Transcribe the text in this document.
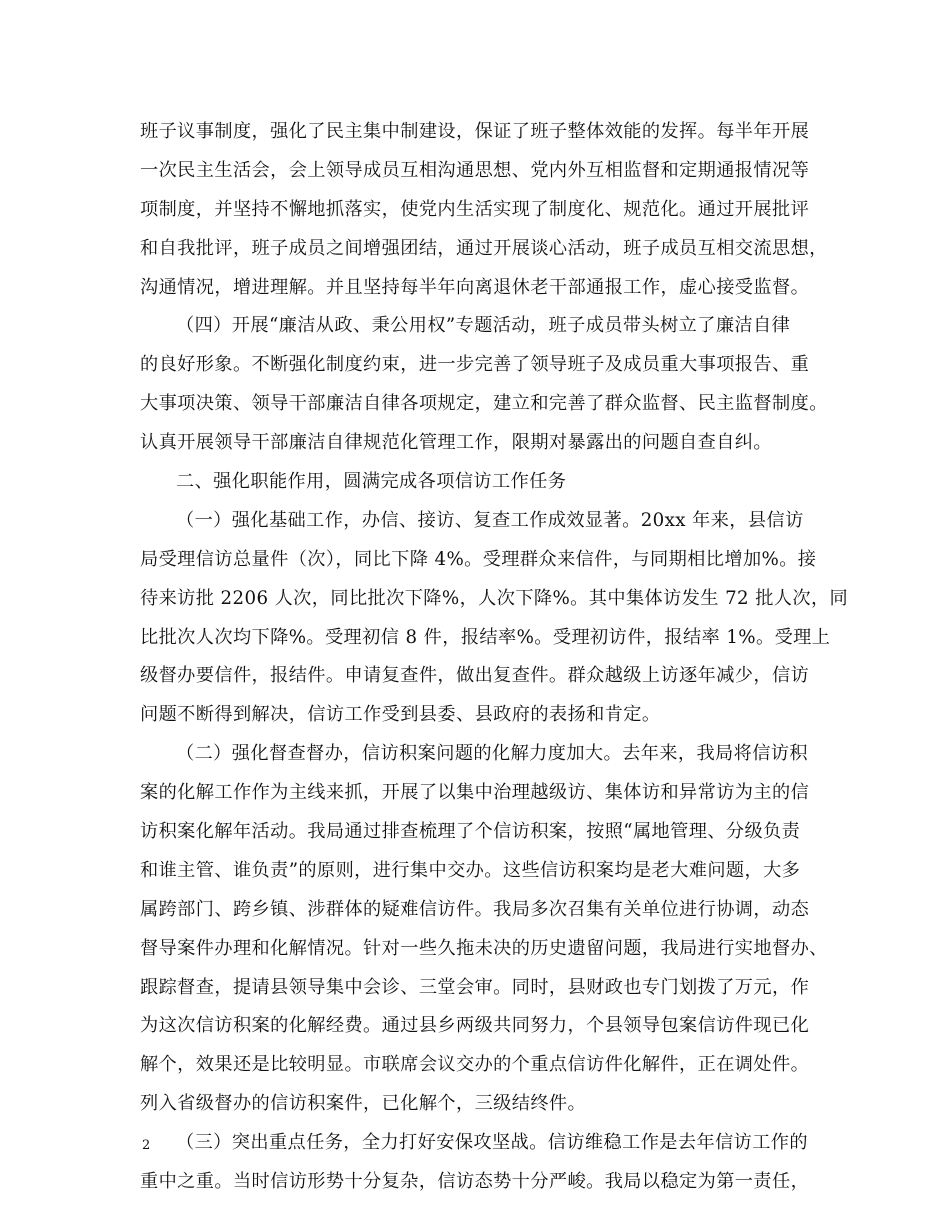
班子议事制度，强化了民主集中制建设，保证了班子整体效能的发挥。每半年开展
一次民主生活会，会上领导成员互相沟通思想、党内外互相监督和定期通报情况等
项制度，并坚持不懈地抓落实，使党内生活实现了制度化、规范化。通过开展批评
和自我批评，班子成员之间增强团结，通过开展谈心活动，班子成员互相交流思想，
沟通情况，增进理解。并且坚持每半年向离退休老干部通报工作，虚心接受监督。
（四）开展“廉洁从政、秉公用权”专题活动，班子成员带头树立了廉洁自律
的良好形象。不断强化制度约束，进一步完善了领导班子及成员重大事项报告、重
大事项决策、领导干部廉洁自律各项规定，建立和完善了群众监督、民主监督制度。
认真开展领导干部廉洁自律规范化管理工作，限期对暴露出的问题自查自纠。
二、强化职能作用，圆满完成各项信访工作任务
（一）强化基础工作，办信、接访、复查工作成效显著。20xx 年来，县信访
局受理信访总量件（次），同比下降 4%。受理群众来信件，与同期相比增加%。接
待来访批 2206 人次，同比批次下降%，人次下降%。其中集体访发生 72 批人次，同
比批次人次均下降%。受理初信 8 件，报结率%。受理初访件，报结率 1%。受理上
级督办要信件，报结件。申请复查件，做出复查件。群众越级上访逐年减少，信访
问题不断得到解决，信访工作受到县委、县政府的表扬和肯定。
（二）强化督查督办，信访积案问题的化解力度加大。去年来，我局将信访积
案的化解工作作为主线来抓，开展了以集中治理越级访、集体访和异常访为主的信
访积案化解年活动。我局通过排查梳理了个信访积案，按照“属地管理、分级负责
和谁主管、谁负责”的原则，进行集中交办。这些信访积案均是老大难问题，大多
属跨部门、跨乡镇、涉群体的疑难信访件。我局多次召集有关单位进行协调，动态
督导案件办理和化解情况。针对一些久拖未决的历史遗留问题，我局进行实地督办、
跟踪督查，提请县领导集中会诊、三堂会审。同时，县财政也专门划拨了万元，作
为这次信访积案的化解经费。通过县乡两级共同努力，个县领导包案信访件现已化
解个，效果还是比较明显。市联席会议交办的个重点信访件化解件，正在调处件。
列入省级督办的信访积案件，已化解个，三级结终件。
（三）突出重点任务，全力打好安保攻坚战。信访维稳工作是去年信访工作的
重中之重。当时信访形势十分复杂，信访态势十分严峻。我局以稳定为第一责任，
2
